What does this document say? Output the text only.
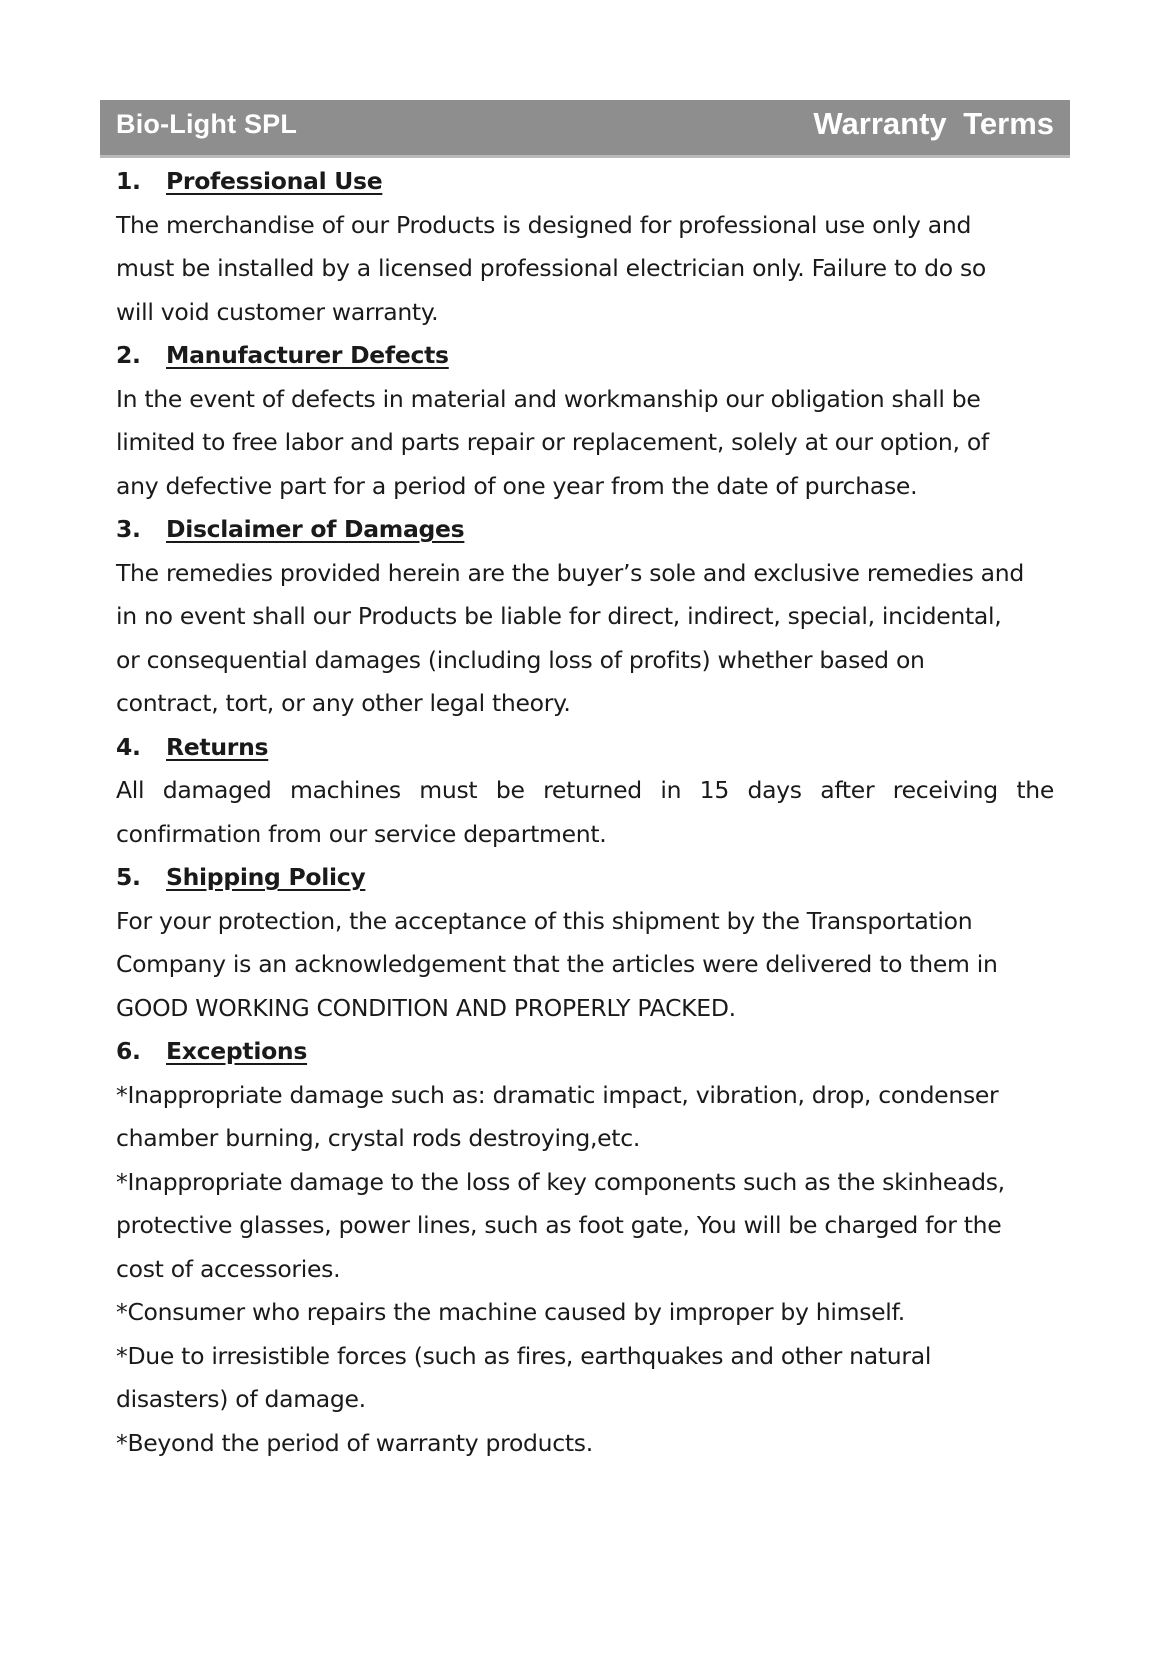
Bio-Light SPL	Warranty Terms
1. Professional Use
The merchandise of our Products is designed for professional use only and
must be installed by a licensed professional electrician only. Failure to do so
will void customer warranty.
2. Manufacturer Defects
In the event of defects in material and workmanship our obligation shall be
limited to free labor and parts repair or replacement, solely at our option, of
any defective part for a period of one year from the date of purchase.
3. Disclaimer of Damages
The remedies provided herein are the buyer’s sole and exclusive remedies and
in no event shall our Products be liable for direct, indirect, special, incidental,
or consequential damages (including loss of profits) whether based on
contract, tort, or any other legal theory.
4. Returns
All damaged machines must be returned in 15 days after receiving the
confirmation from our service department.
5. Shipping Policy
For your protection, the acceptance of this shipment by the Transportation
Company is an acknowledgement that the articles were delivered to them in
GOOD WORKING CONDITION AND PROPERLY PACKED.
6. Exceptions
*Inappropriate damage such as: dramatic impact, vibration, drop, condenser
chamber burning, crystal rods destroying,etc.
*Inappropriate damage to the loss of key components such as the skinheads,
protective glasses, power lines, such as foot gate, You will be charged for the
cost of accessories.
*Consumer who repairs the machine caused by improper by himself.
*Due to irresistible forces (such as fires, earthquakes and other natural
disasters) of damage.
*Beyond the period of warranty products.
